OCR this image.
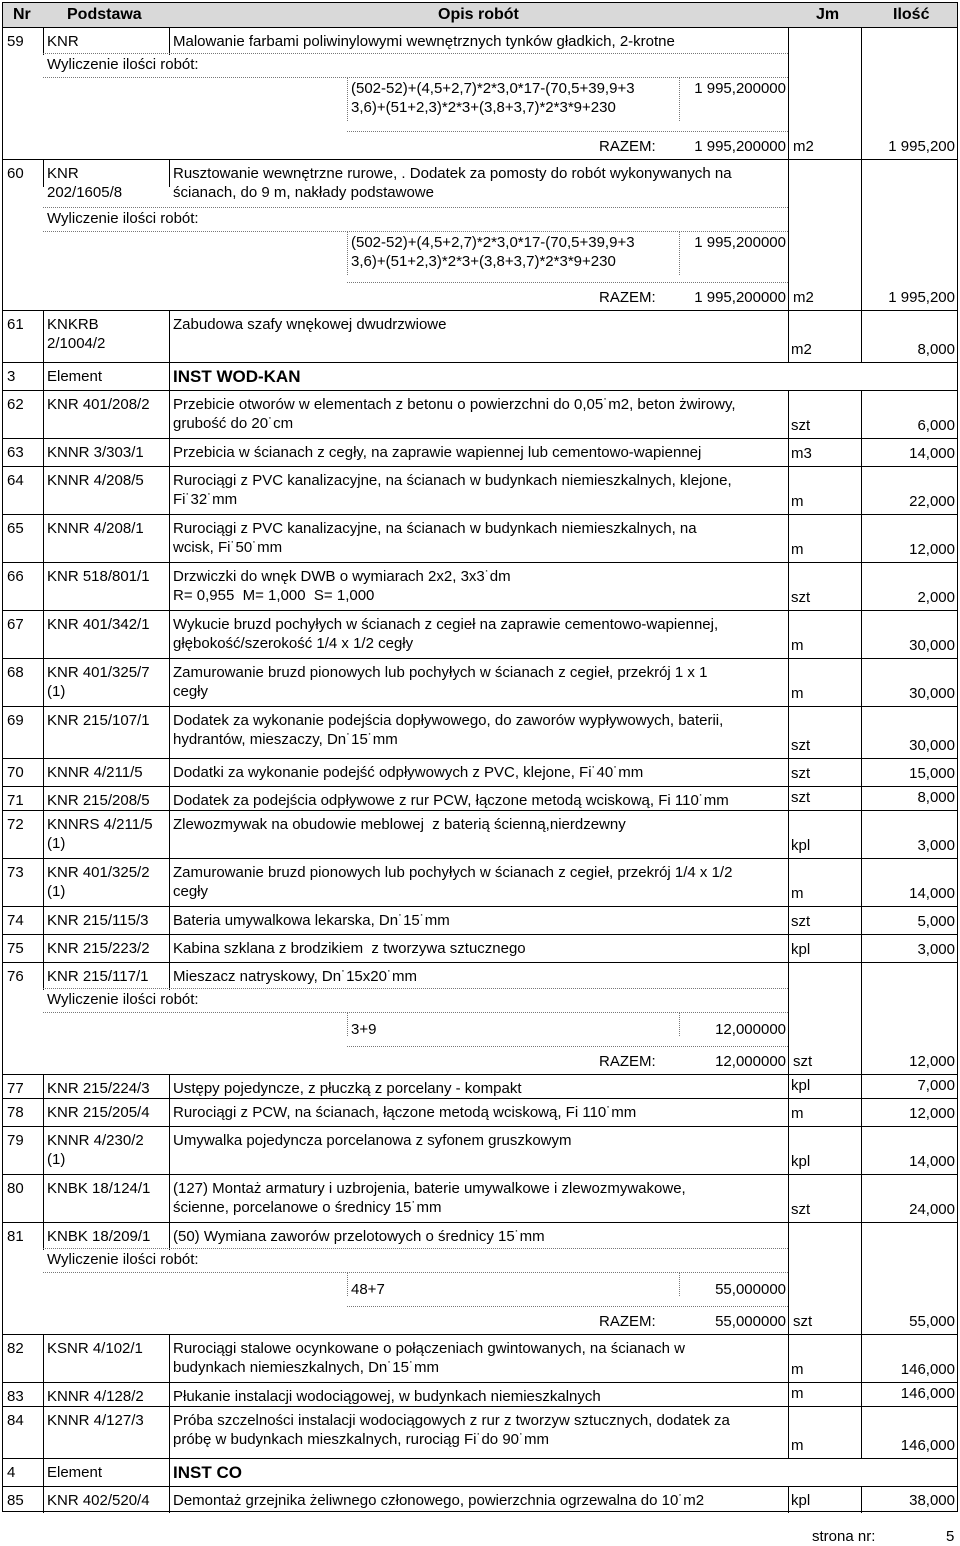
Nr Podstawa	Opis robót	Jm	Ilość
59 KNR	Malowanie farbami poliwinylowymi wewnętrznych tynków gładkich, 2-krotne
Wyliczenie ilości robót:
(502-52)+(4,5+2,7)*2*3,0*17-(70,5+39,9+3
3,6)+(51+2,3)*2*3+(3,8+3,7)*2*3*9+230
1 995,200000
RAZEM:	1 995,200000 m2	1 995,200
60 KNR
202/1605/8
Rusztowanie wewnętrzne rurowe, . Dodatek za pomosty do robót wykonywanych na
ścianach, do 9 m, nakłady podstawowe
Wyliczenie ilości robót:
(502-52)+(4,5+2,7)*2*3,0*17-(70,5+39,9+3
3,6)+(51+2,3)*2*3+(3,8+3,7)*2*3*9+230
1 995,200000
RAZEM:	1 995,200000 m2	1 995,200
61 KNKRB
2/1004/2
Zabudowa szafy wnękowej dwudrzwiowe
m2	8,000
3 Element	INST WOD-KAN
62 KNR 401/208/2 Przebicie otworów w elementach z betonu o powierzchni do 0,05˙m2, beton żwirowy,
grubość do 20˙cm	szt	6,000
63 KNNR 3/303/1 Przebicia w ścianach z cegły, na zaprawie wapiennej lub cementowo-wapiennej	m3	14,000
64 KNNR 4/208/5 Rurociągi z PVC kanalizacyjne, na ścianach w budynkach niemieszkalnych, klejone,
Fi˙32˙mm	m	22,000
65 KNNR 4/208/1 Rurociągi z PVC kanalizacyjne, na ścianach w budynkach niemieszkalnych, na
wcisk, Fi˙50˙mm	m	12,000
66 KNR 518/801/1 Drzwiczki do wnęk DWB o wymiarach 2x2, 3x3˙dm
R= 0,955  M= 1,000  S= 1,000	szt	2,000
67 KNR 401/342/1 Wykucie bruzd pochyłych w ścianach z cegieł na zaprawie cementowo-wapiennej,
głębokość/szerokość 1/4 x 1/2 cegły	m	30,000
68 KNR 401/325/7
(1)
Zamurowanie bruzd pionowych lub pochyłych w ścianach z cegieł, przekrój 1 x 1
cegły	m	30,000
69 KNR 215/107/1 Dodatek za wykonanie podejścia dopływowego, do zaworów wypływowych, baterii,
hydrantów, mieszaczy, Dn˙15˙mm	szt	30,000
70 KNNR 4/211/5 Dodatki za wykonanie podejść odpływowych z PVC, klejone, Fi˙40˙mm	szt	15,000
71 KNR 215/208/5 Dodatek za podejścia odpływowe z rur PCW, łączone metodą wciskową, Fi 110˙mm	szt	8,000
72 KNNRS 4/211/5
(1)
Zlewozmywak na obudowie meblowej  z baterią ścienną,nierdzewny
kpl	3,000
73 KNR 401/325/2
(1)
Zamurowanie bruzd pionowych lub pochyłych w ścianach z cegieł, przekrój 1/4 x 1/2
cegły	m	14,000
74 KNR 215/115/3 Bateria umywalkowa lekarska, Dn˙15˙mm	szt	5,000
75 KNR 215/223/2 Kabina szklana z brodzikiem  z tworzywa sztucznego	kpl	3,000
76 KNR 215/117/1 Mieszacz natryskowy, Dn˙15x20˙mm
Wyliczenie ilości robót:
3+9	12,000000
RAZEM:	12,000000 szt	12,000
77 KNR 215/224/3 Ustępy pojedyncze, z płuczką z porcelany - kompakt	kpl	7,000
78 KNR 215/205/4 Rurociągi z PCW, na ścianach, łączone metodą wciskową, Fi 110˙mm	m	12,000
79 KNNR 4/230/2
(1)
Umywalka pojedyncza porcelanowa z syfonem gruszkowym
kpl	14,000
80 KNBK 18/124/1 (127) Montaż armatury i uzbrojenia, baterie umywalkowe i zlewozmywakowe,
ścienne, porcelanowe o średnicy 15˙mm	szt	24,000
81 KNBK 18/209/1 (50) Wymiana zaworów przelotowych o średnicy 15˙mm
Wyliczenie ilości robót:
48+7	55,000000
RAZEM:	55,000000 szt	55,000
82 KSNR 4/102/1 Rurociągi stalowe ocynkowane o połączeniach gwintowanych, na ścianach w
budynkach niemieszkalnych, Dn˙15˙mm	m	146,000
83 KNNR 4/128/2 Płukanie instalacji wodociągowej, w budynkach niemieszkalnych	m	146,000
84 KNNR 4/127/3 Próba szczelności instalacji wodociągowych z rur z tworzyw sztucznych, dodatek za
próbę w budynkach mieszkalnych, rurociąg Fi˙do 90˙mm	m	146,000
4 Element	INST CO
85 KNR 402/520/4 Demontaż grzejnika żeliwnego członowego, powierzchnia ogrzewalna do 10˙m2	kpl	38,000
strona nr:	5
